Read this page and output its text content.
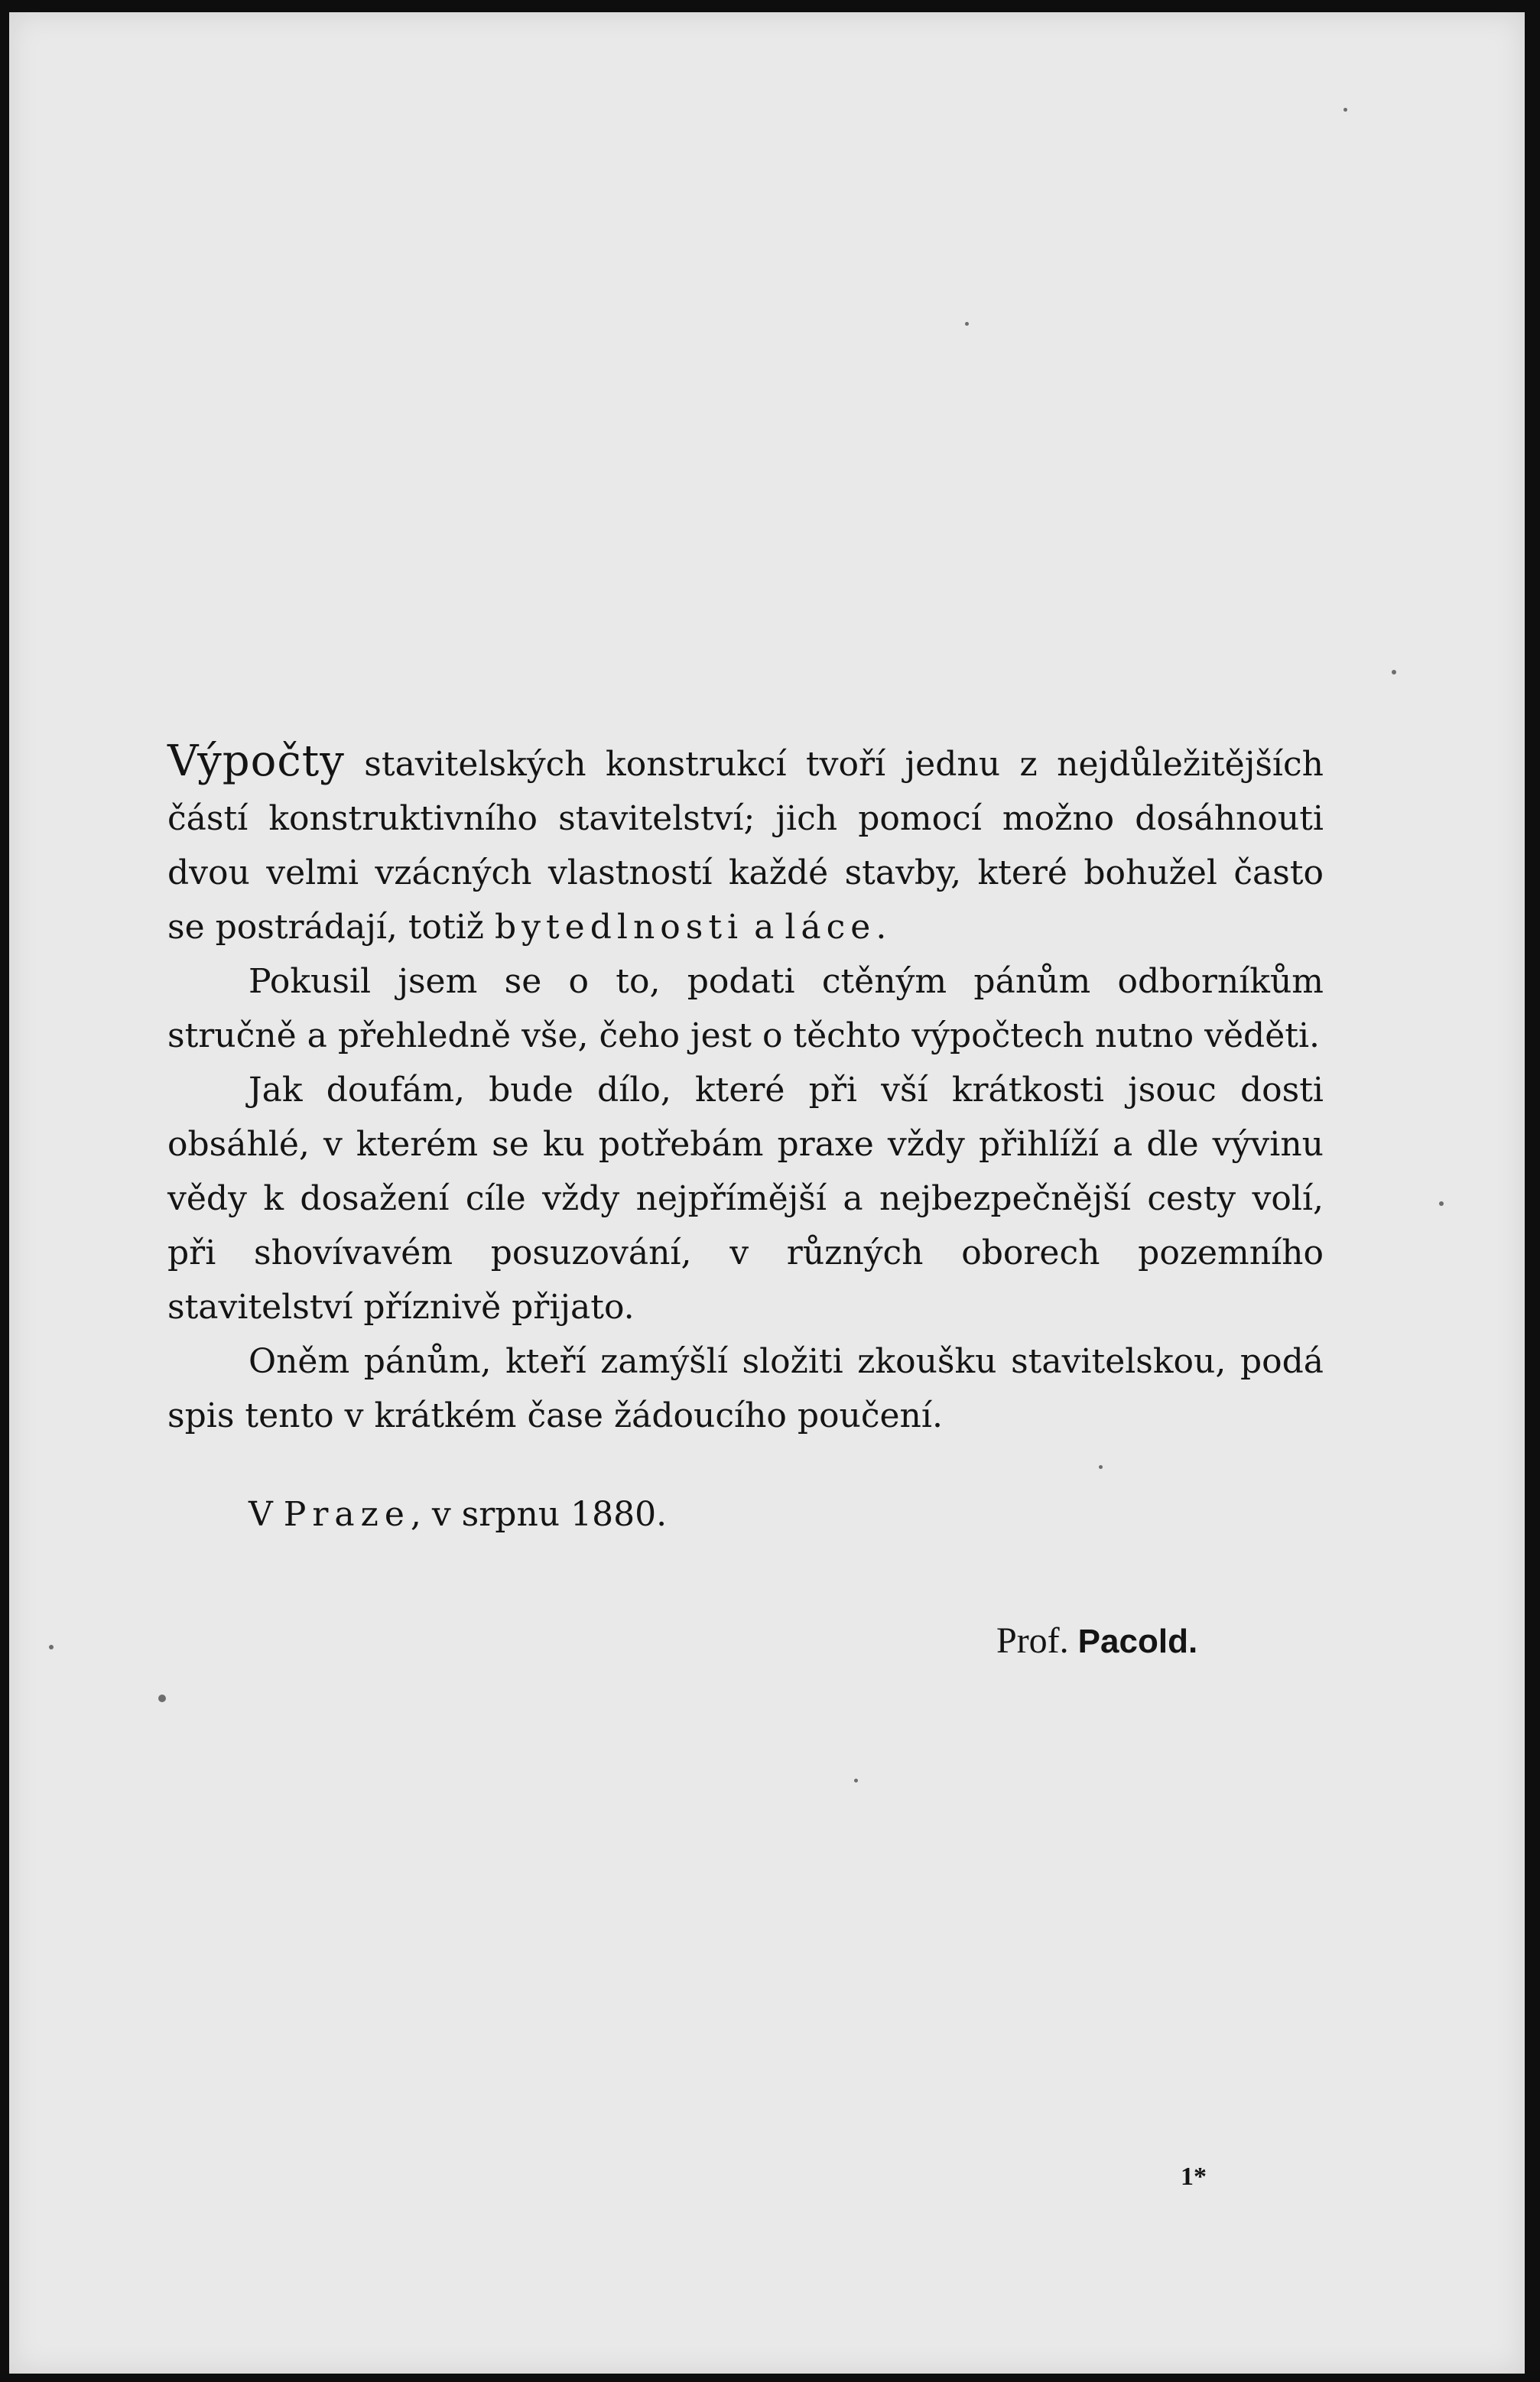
Výpočty stavitelských konstrukcí tvoří jednu z nejdůležitějších částí konstruktivního stavitelství; jich pomocí možno dosáhnouti dvou velmi vzácných vlastností každé stavby, které bohužel často se postrádají, totiž bytedlnosti a láce.

Pokusil jsem se o to, podati ctěným pánům odborníkům stručně a přehledně vše, čeho jest o těchto výpočtech nutno věděti.

Jak doufám, bude dílo, které při vší krátkosti jsouc dosti obsáhlé, v kterém se ku potřebám praxe vždy přihlíží a dle vývinu vědy k dosažení cíle vždy nejpřímější a nejbezpečnější cesty volí, při shovívavém posuzování, v různých oborech pozemního stavitelství příznivě přijato.

Oněm pánům, kteří zamýšlí složiti zkoušku stavitelskou, podá spis tento v krátkém čase žádoucího poučení.

V Praze, v srpnu 1880.
Prof. Pacold.
1*
